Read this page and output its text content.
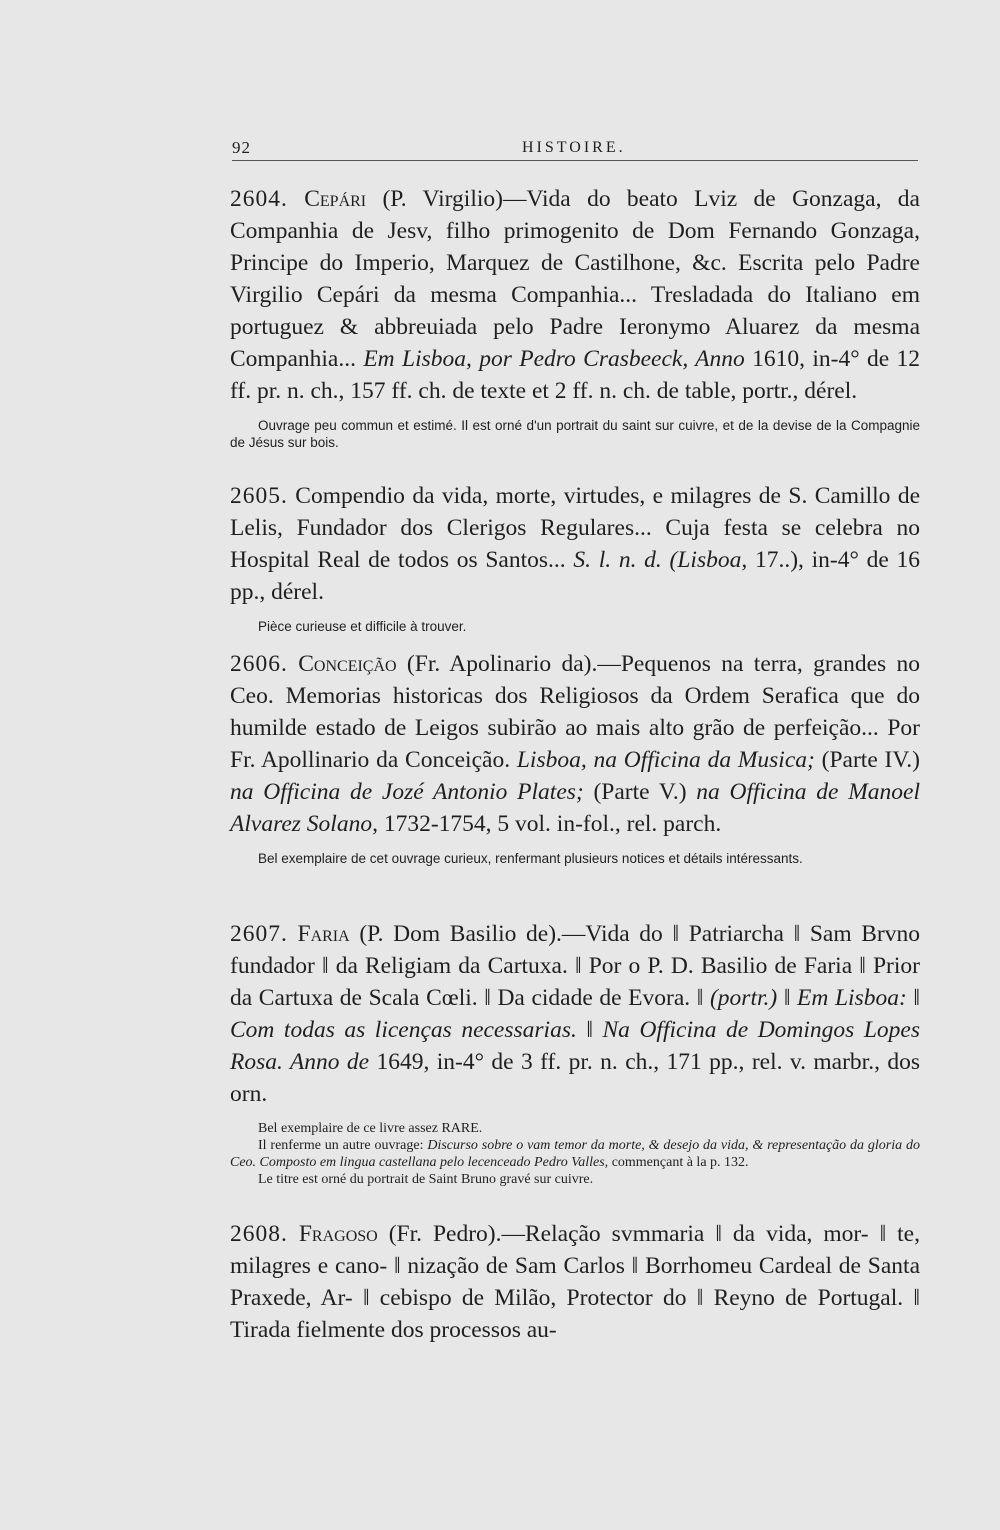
92	HISTOIRE.

2604. Cepári (P. Virgilio)—Vida do beato Lviz de Gonzaga, da Companhia de Jesv, filho primogenito de Dom Fernando Gonzaga, Principe do Imperio, Marquez de Castilhone, &c. Escrita pelo Padre Virgilio Cepári da mesma Companhia... Tresladada do Italiano em portuguez & abbreuiada pelo Padre Ieronymo Aluarez da mesma Companhia... Em Lisboa, por Pedro Crasbeeck, Anno 1610, in-4° de 12 ff. pr. n. ch., 157 ff. ch. de texte et 2 ff. n. ch. de table, portr., dérel.

Ouvrage peu commun et estimé. Il est orné d'un portrait du saint sur cuivre, et de la devise de la Compagnie de Jésus sur bois.

2605. Compendio da vida, morte, virtudes, e milagres de S. Camillo de Lelis, Fundador dos Clerigos Regulares... Cuja festa se celebra no Hospital Real de todos os Santos... S. l. n. d. (Lisboa, 17..), in-4° de 16 pp., dérel.

Pièce curieuse et difficile à trouver.

2606. Conceição (Fr. Apolinario da).—Pequenos na terra, grandes no Ceo. Memorias historicas dos Religiosos da Ordem Serafica que do humilde estado de Leigos subirão ao mais alto grão de perfeição... Por Fr. Apollinario da Conceição. Lisboa, na Officina da Musica; (Parte IV.) na Officina de Jozé Antonio Plates; (Parte V.) na Officina de Manoel Alvarez Solano, 1732-1754, 5 vol. in-fol., rel. parch.

Bel exemplaire de cet ouvrage curieux, renfermant plusieurs notices et détails intéressants.

2607. Faria (P. Dom Basilio de).—Vida do ‖ Patriarcha ‖ Sam Brvno fundador ‖ da Religiam da Cartuxa. ‖ Por o P. D. Basilio de Faria ‖ Prior da Cartuxa de Scala Cœli. ‖ Da cidade de Evora. ‖ (portr.) ‖ Em Lisboa: ‖ Com todas as licenças necessarias. ‖ Na Officina de Domingos Lopes Rosa. Anno de 1649, in-4° de 3 ff. pr. n. ch., 171 pp., rel. v. marbr., dos orn.

Bel exemplaire de ce livre assez RARE.

Il renferme un autre ouvrage: Discurso sobre o vam temor da morte, & desejo da vida, & representação da gloria do Ceo. Composto em lingua castellana pelo lecenceado Pedro Valles, commençant à la p. 132.

Le titre est orné du portrait de Saint Bruno gravé sur cuivre.

2608. Fragoso (Fr. Pedro).—Relação svmmaria ‖ da vida, mor- ‖ te, milagres e cano- ‖ nização de Sam Carlos ‖ Borrhomeu Cardeal de Santa Praxede, Ar- ‖ cebispo de Milão, Protector do ‖ Reyno de Portugal. ‖ Tirada fielmente dos processos au-
